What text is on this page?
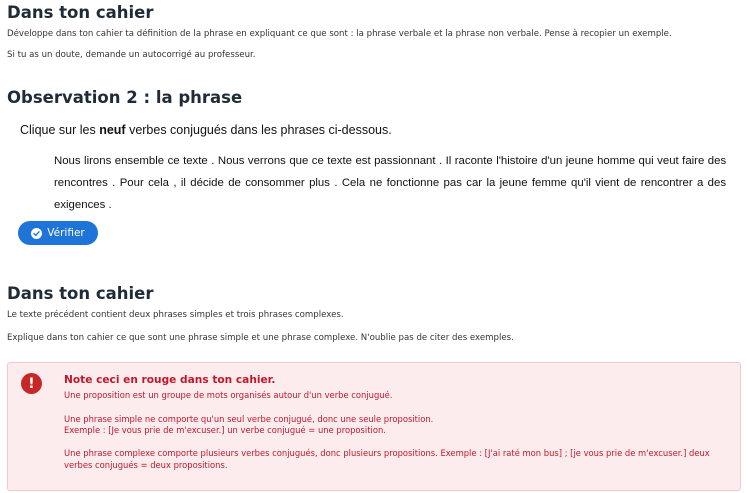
Dans ton cahier

Développe dans ton cahier ta définition de la phrase en expliquant ce que sont : la phrase verbale et la phrase non verbale. Pense à recopier un exemple.

Si tu as un doute, demande un autocorrigé au professeur.

Observation 2 : la phrase

Clique sur les neuf verbes conjugués dans les phrases ci-dessous.

Nous lirons ensemble ce texte . Nous verrons que ce texte est passionnant . Il raconte l'histoire d'un jeune homme qui veut faire des rencontres . Pour cela , il décide de consommer plus . Cela ne fonctionne pas car la jeune femme qu'il vient de rencontrer a des exigences .

Vérifier
Dans ton cahier

Le texte précédent contient deux phrases simples et trois phrases complexes.

Explique dans ton cahier ce que sont une phrase simple et une phrase complexe. N'oublie pas de citer des exemples.

!	Note ceci en rouge dans ton cahier.

Une proposition est un groupe de mots organisés autour d'un verbe conjugué.

Une phrase simple ne comporte qu'un seul verbe conjugué, donc une seule proposition.

Exemple : [Je vous prie de m'excuser.] un verbe conjugué = une proposition.

Une phrase complexe comporte plusieurs verbes conjugués, donc plusieurs propositions. Exemple : [J'ai raté mon bus] ; [je vous prie de m'excuser.] deux verbes conjugués = deux propositions.
